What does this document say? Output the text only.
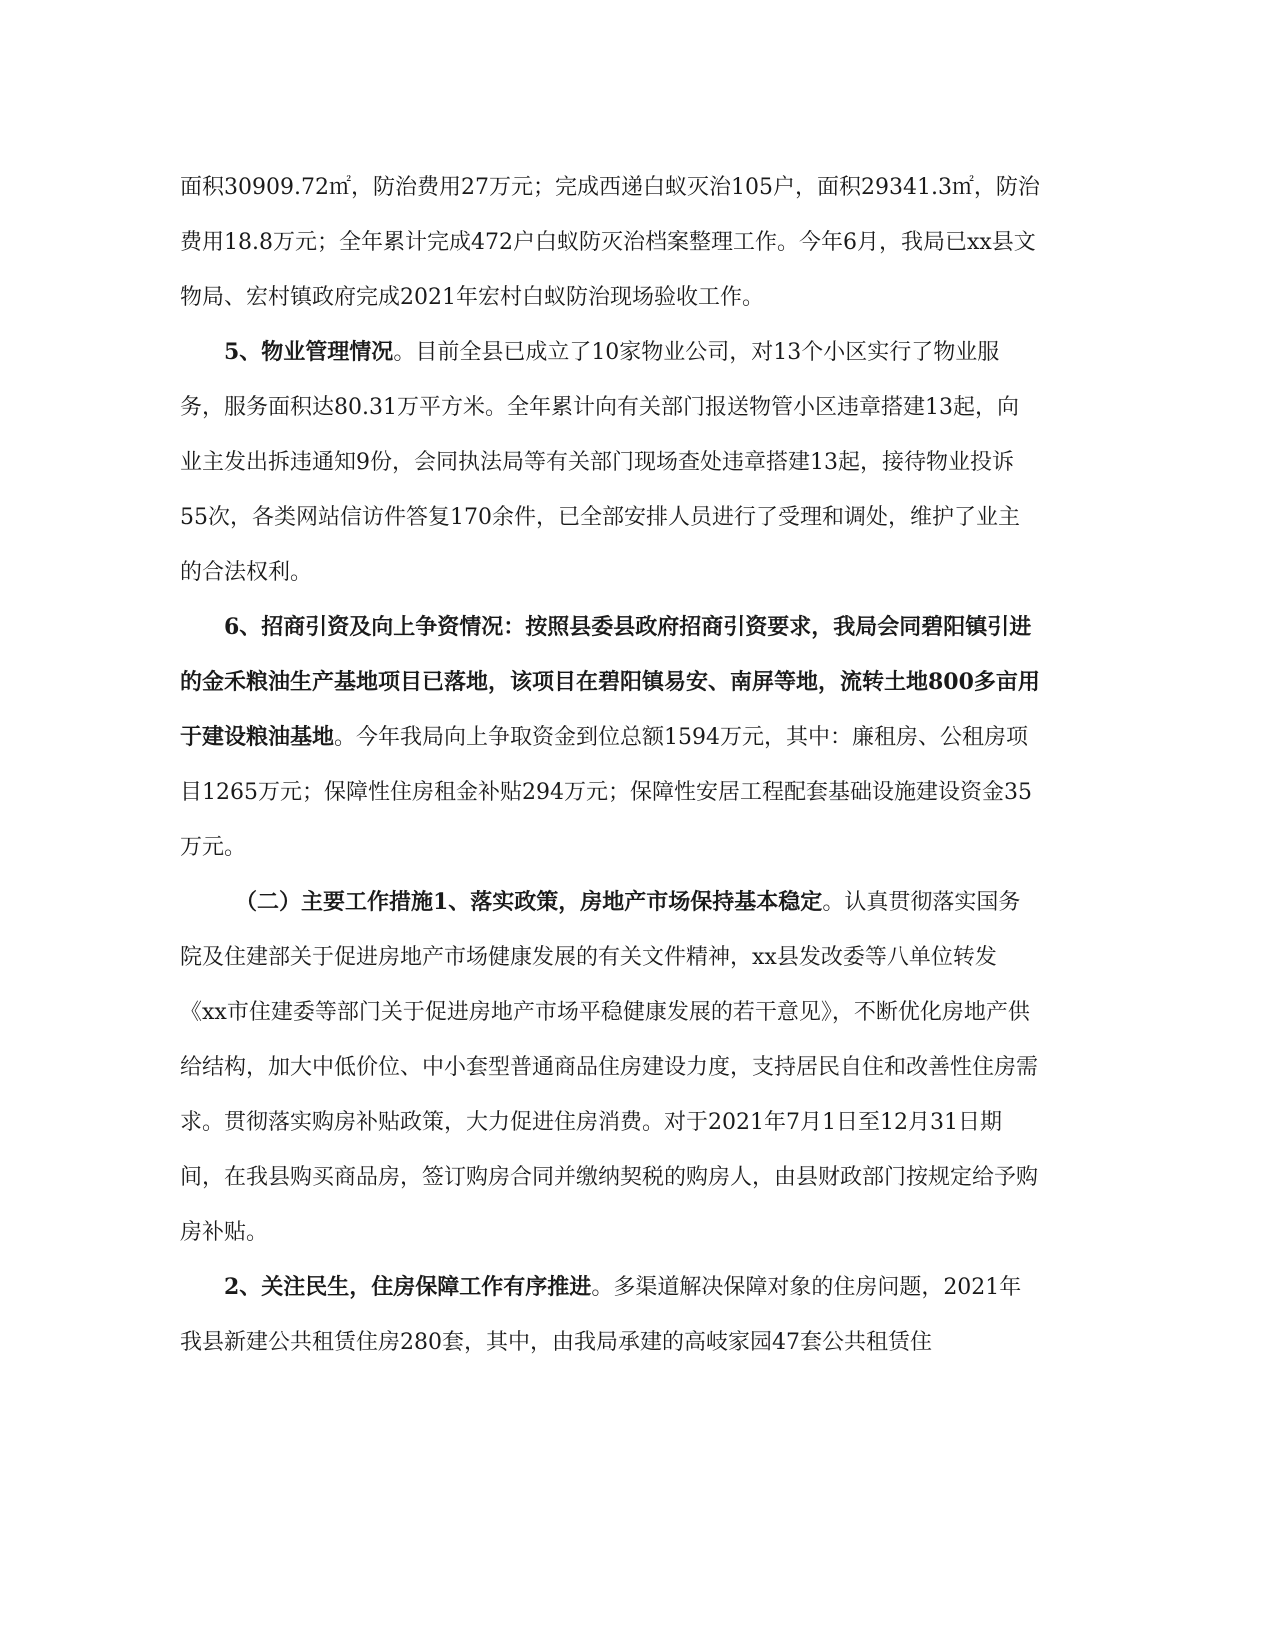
面积30909.72㎡，防治费用27万元；完成西递白蚁灭治105户，面积29341.3㎡，防治费用18.8万元；全年累计完成472户白蚁防灭治档案整理工作。今年6月，我局已xx县文物局、宏村镇政府完成2021年宏村白蚁防治现场验收工作。

5、物业管理情况。目前全县已成立了10家物业公司，对13个小区实行了物业服务，服务面积达80.31万平方米。全年累计向有关部门报送物管小区违章搭建13起，向业主发出拆违通知9份，会同执法局等有关部门现场查处违章搭建13起，接待物业投诉55次，各类网站信访件答复170余件，已全部安排人员进行了受理和调处，维护了业主的合法权利。

6、招商引资及向上争资情况：按照县委县政府招商引资要求，我局会同碧阳镇引进的金禾粮油生产基地项目已落地，该项目在碧阳镇易安、南屏等地，流转土地800多亩用于建设粮油基地。今年我局向上争取资金到位总额1594万元，其中：廉租房、公租房项目1265万元；保障性住房租金补贴294万元；保障性安居工程配套基础设施建设资金35万元。

（二）主要工作措施1、落实政策，房地产市场保持基本稳定。认真贯彻落实国务院及住建部关于促进房地产市场健康发展的有关文件精神，xx县发改委等八单位转发《xx市住建委等部门关于促进房地产市场平稳健康发展的若干意见》，不断优化房地产供给结构，加大中低价位、中小套型普通商品住房建设力度，支持居民自住和改善性住房需求。贯彻落实购房补贴政策，大力促进住房消费。对于2021年7月1日至12月31日期间，在我县购买商品房，签订购房合同并缴纳契税的购房人，由县财政部门按规定给予购房补贴。

2、关注民生，住房保障工作有序推进。多渠道解决保障对象的住房问题，2021年我县新建公共租赁住房280套，其中，由我局承建的高岐家园47套公共租赁住
